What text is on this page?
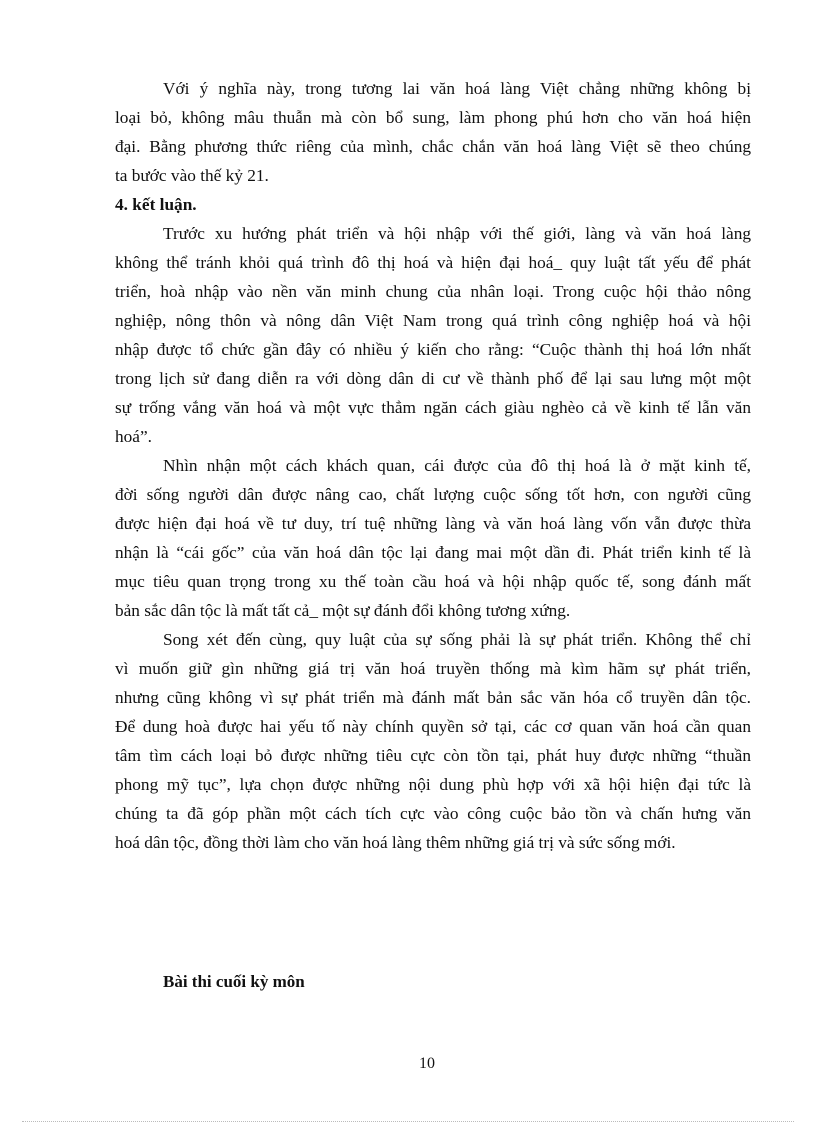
Với ý nghĩa này, trong tương lai văn hoá làng Việt chẳng những không bị
loại bỏ, không mâu thuẫn mà còn bổ sung, làm phong phú hơn cho văn hoá hiện
đại. Bằng phương thức riêng của mình, chắc chắn văn hoá làng Việt sẽ theo chúng
ta bước vào thế kỷ 21.
4. kết luận.
Trước xu hướng phát triển và hội nhập với thế giới, làng và văn hoá làng
không thể tránh khỏi quá trình đô thị hoá và hiện đại hoá_ quy luật tất yếu để phát
triển, hoà nhập vào nền văn minh chung của nhân loại. Trong cuộc hội thảo nông
nghiệp, nông thôn và nông dân Việt Nam trong quá trình công nghiệp hoá và hội
nhập được tổ chức gần đây có nhiều ý kiến cho rằng: “Cuộc thành thị hoá lớn nhất
trong lịch sử đang diễn ra với dòng dân di cư về thành phố để lại sau lưng một một
sự trống vắng văn hoá và một vực thẳm ngăn cách giàu nghèo cả về kinh tế lẫn văn
hoá”.
Nhìn nhận một cách khách quan, cái được của đô thị hoá là ở mặt kinh tế,
đời sống người dân được nâng cao, chất lượng cuộc sống tốt hơn, con người cũng
được hiện đại hoá về tư duy, trí tuệ những làng và văn hoá làng vốn vẫn được thừa
nhận là “cái gốc” của văn hoá dân tộc lại đang mai một dần đi. Phát triển kinh tế là
mục tiêu quan trọng trong xu thế toàn cầu hoá và hội nhập quốc tế, song đánh mất
bản sắc dân tộc là mất tất cả_ một sự đánh đổi không tương xứng.
Song xét đến cùng, quy luật của sự sống phải là sự phát triển. Không thể chỉ
vì muốn giữ gìn những giá trị văn hoá truyền thống mà kìm hãm sự phát triển,
nhưng cũng không vì sự phát triển mà đánh mất bản sắc văn hóa cổ truyền dân tộc.
Để dung hoà được hai yếu tố này chính quyền sở tại, các cơ quan văn hoá cần quan
tâm tìm cách loại bỏ được những tiêu cực còn tồn tại, phát huy được những “thuần
phong mỹ tục”, lựa chọn được những nội dung phù hợp với xã hội hiện đại tức là
chúng ta đã góp phần một cách tích cực vào công cuộc bảo tồn và chấn hưng văn
hoá dân tộc, đồng thời làm cho văn hoá làng thêm những giá trị và sức sống mới.
Bài thi cuối kỳ môn
10
